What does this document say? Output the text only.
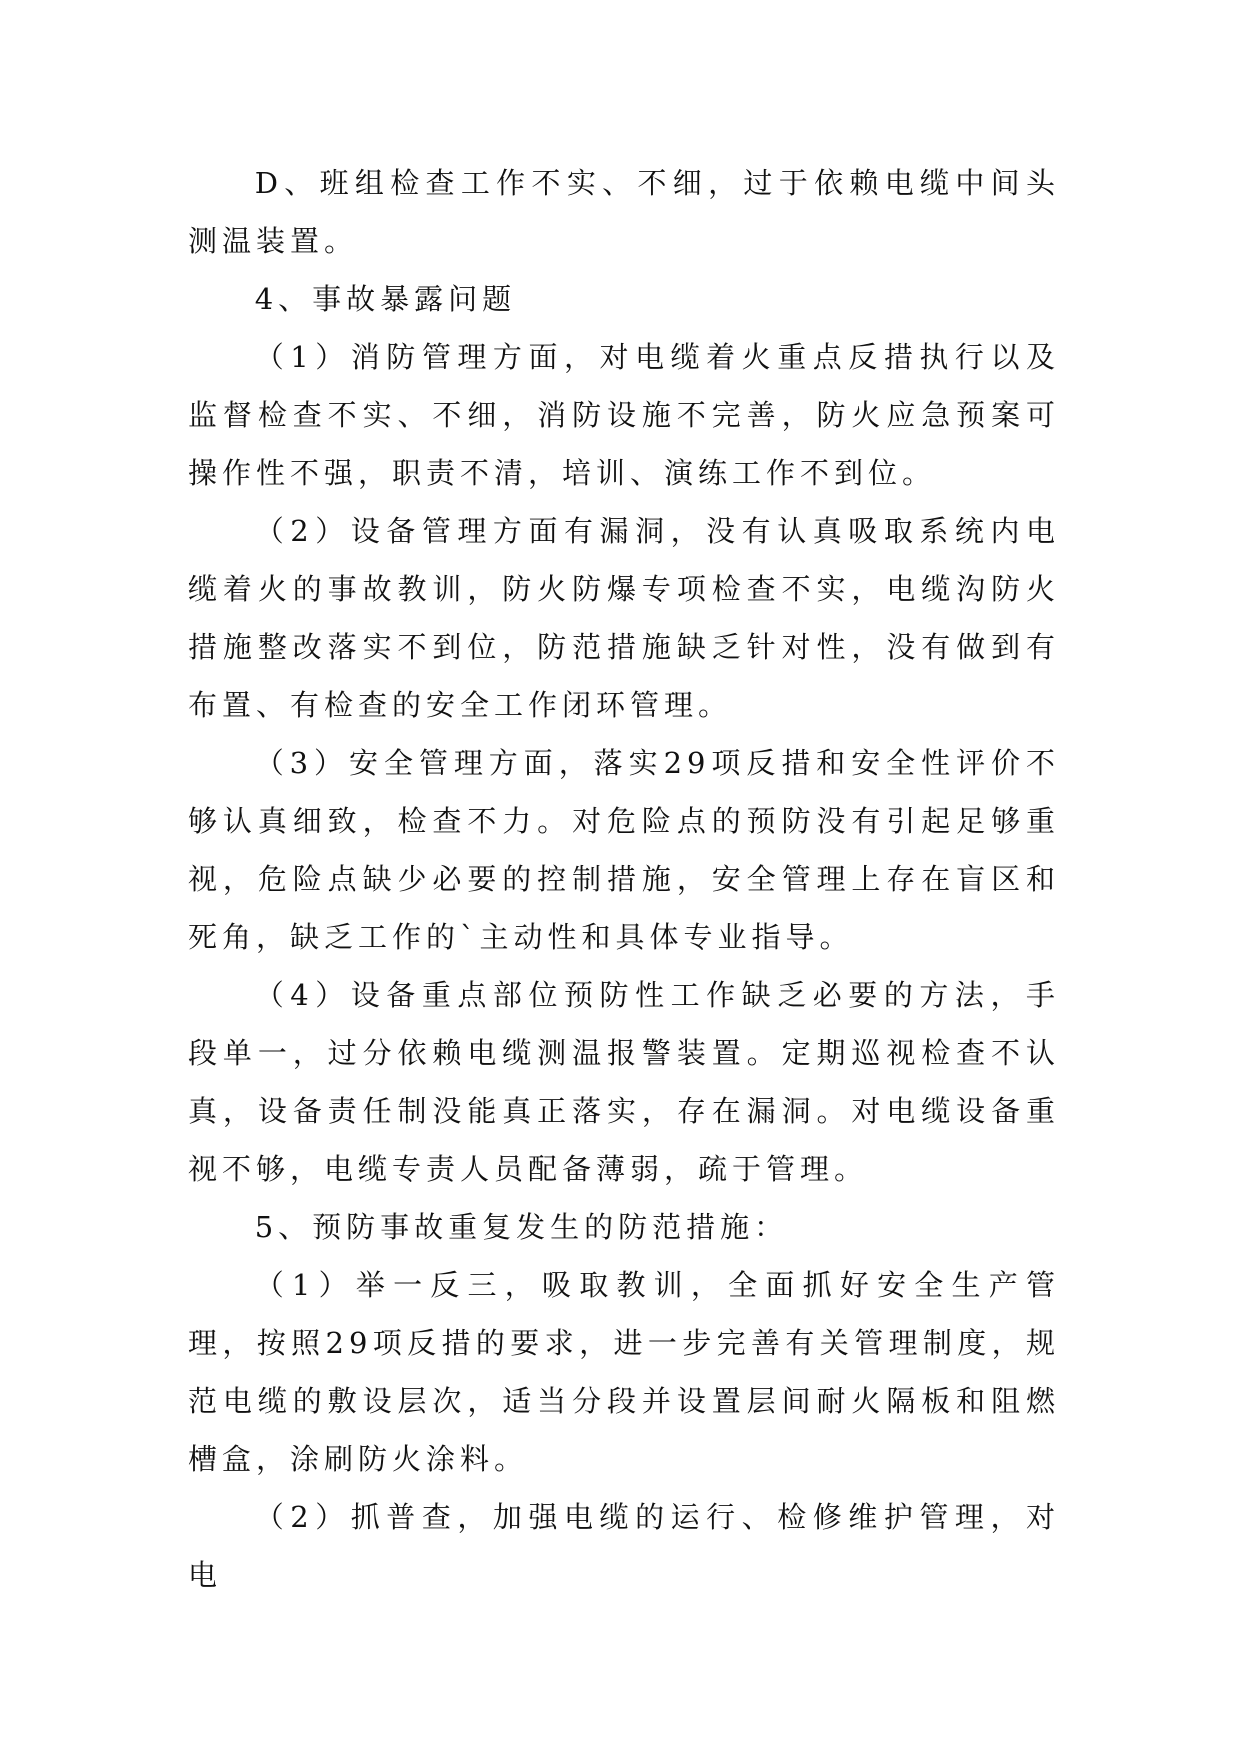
D、班组检查工作不实、不细，过于依赖电缆中间头测温装置。

4、事故暴露问题

（1）消防管理方面，对电缆着火重点反措执行以及监督检查不实、不细，消防设施不完善，防火应急预案可操作性不强，职责不清，培训、演练工作不到位。

（2）设备管理方面有漏洞，没有认真吸取系统内电缆着火的事故教训，防火防爆专项检查不实，电缆沟防火措施整改落实不到位，防范措施缺乏针对性，没有做到有布置、有检查的安全工作闭环管理。

（3）安全管理方面，落实29项反措和安全性评价不够认真细致，检查不力。对危险点的预防没有引起足够重视，危险点缺少必要的控制措施，安全管理上存在盲区和死角，缺乏工作的`主动性和具体专业指导。

（4）设备重点部位预防性工作缺乏必要的方法，手段单一，过分依赖电缆测温报警装置。定期巡视检查不认真，设备责任制没能真正落实，存在漏洞。对电缆设备重视不够，电缆专责人员配备薄弱，疏于管理。

5、预防事故重复发生的防范措施：

（1）举一反三，吸取教训，全面抓好安全生产管理，按照29项反措的要求，进一步完善有关管理制度，规范电缆的敷设层次，适当分段并设置层间耐火隔板和阻燃槽盒，涂刷防火涂料。

（2）抓普查，加强电缆的运行、检修维护管理，对电
